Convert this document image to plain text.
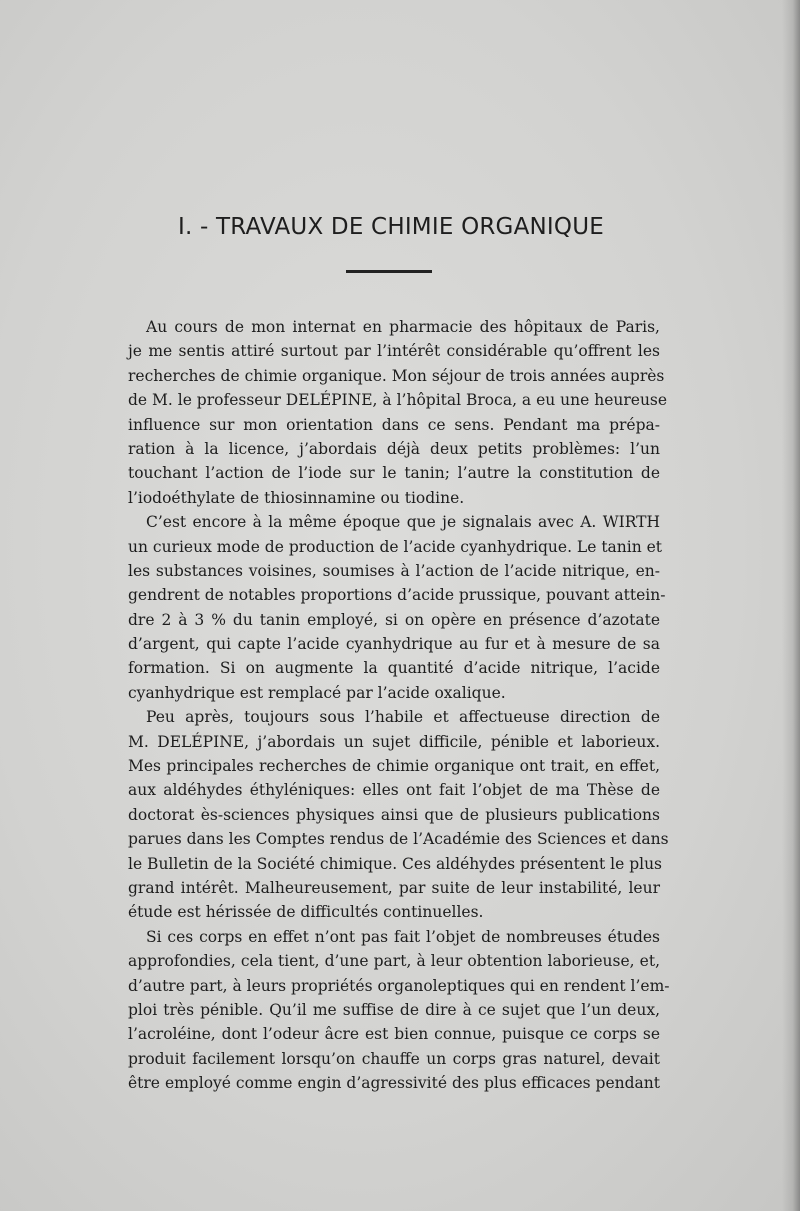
I. - TRAVAUX DE CHIMIE ORGANIQUE
Au cours de mon internat en pharmacie des hôpitaux de Paris,
je me sentis attiré surtout par l’intérêt considérable qu’offrent les
recherches de chimie organique. Mon séjour de trois années auprès
de M. le professeur DELÉPINE, à l’hôpital Broca, a eu une heureuse
influence sur mon orientation dans ce sens. Pendant ma prépa-
ration à la licence, j’abordais déjà deux petits problèmes: l’un
touchant l’action de l’iode sur le tanin; l’autre la constitution de
l’iodoéthylate de thiosinnamine ou tiodine.
C’est encore à la même époque que je signalais avec A. WIRTH
un curieux mode de production de l’acide cyanhydrique. Le tanin et
les substances voisines, soumises à l’action de l’acide nitrique, en-
gendrent de notables proportions d’acide prussique, pouvant attein-
dre 2 à 3 % du tanin employé, si on opère en présence d’azotate
d’argent, qui capte l’acide cyanhydrique au fur et à mesure de sa
formation. Si on augmente la quantité d’acide nitrique, l’acide
cyanhydrique est remplacé par l’acide oxalique.
Peu après, toujours sous l’habile et affectueuse direction de
M. DELÉPINE, j’abordais un sujet difficile, pénible et laborieux.
Mes principales recherches de chimie organique ont trait, en effet,
aux aldéhydes éthyléniques: elles ont fait l’objet de ma Thèse de
doctorat ès-sciences physiques ainsi que de plusieurs publications
parues dans les Comptes rendus de l’Académie des Sciences et dans
le Bulletin de la Société chimique. Ces aldéhydes présentent le plus
grand intérêt. Malheureusement, par suite de leur instabilité, leur
étude est hérissée de difficultés continuelles.
Si ces corps en effet n’ont pas fait l’objet de nombreuses études
approfondies, cela tient, d’une part, à leur obtention laborieuse, et,
d’autre part, à leurs propriétés organoleptiques qui en rendent l’em-
ploi très pénible. Qu’il me suffise de dire à ce sujet que l’un deux,
l’acroléine, dont l’odeur âcre est bien connue, puisque ce corps se
produit facilement lorsqu’on chauffe un corps gras naturel, devait
être employé comme engin d’agressivité des plus efficaces pendant
